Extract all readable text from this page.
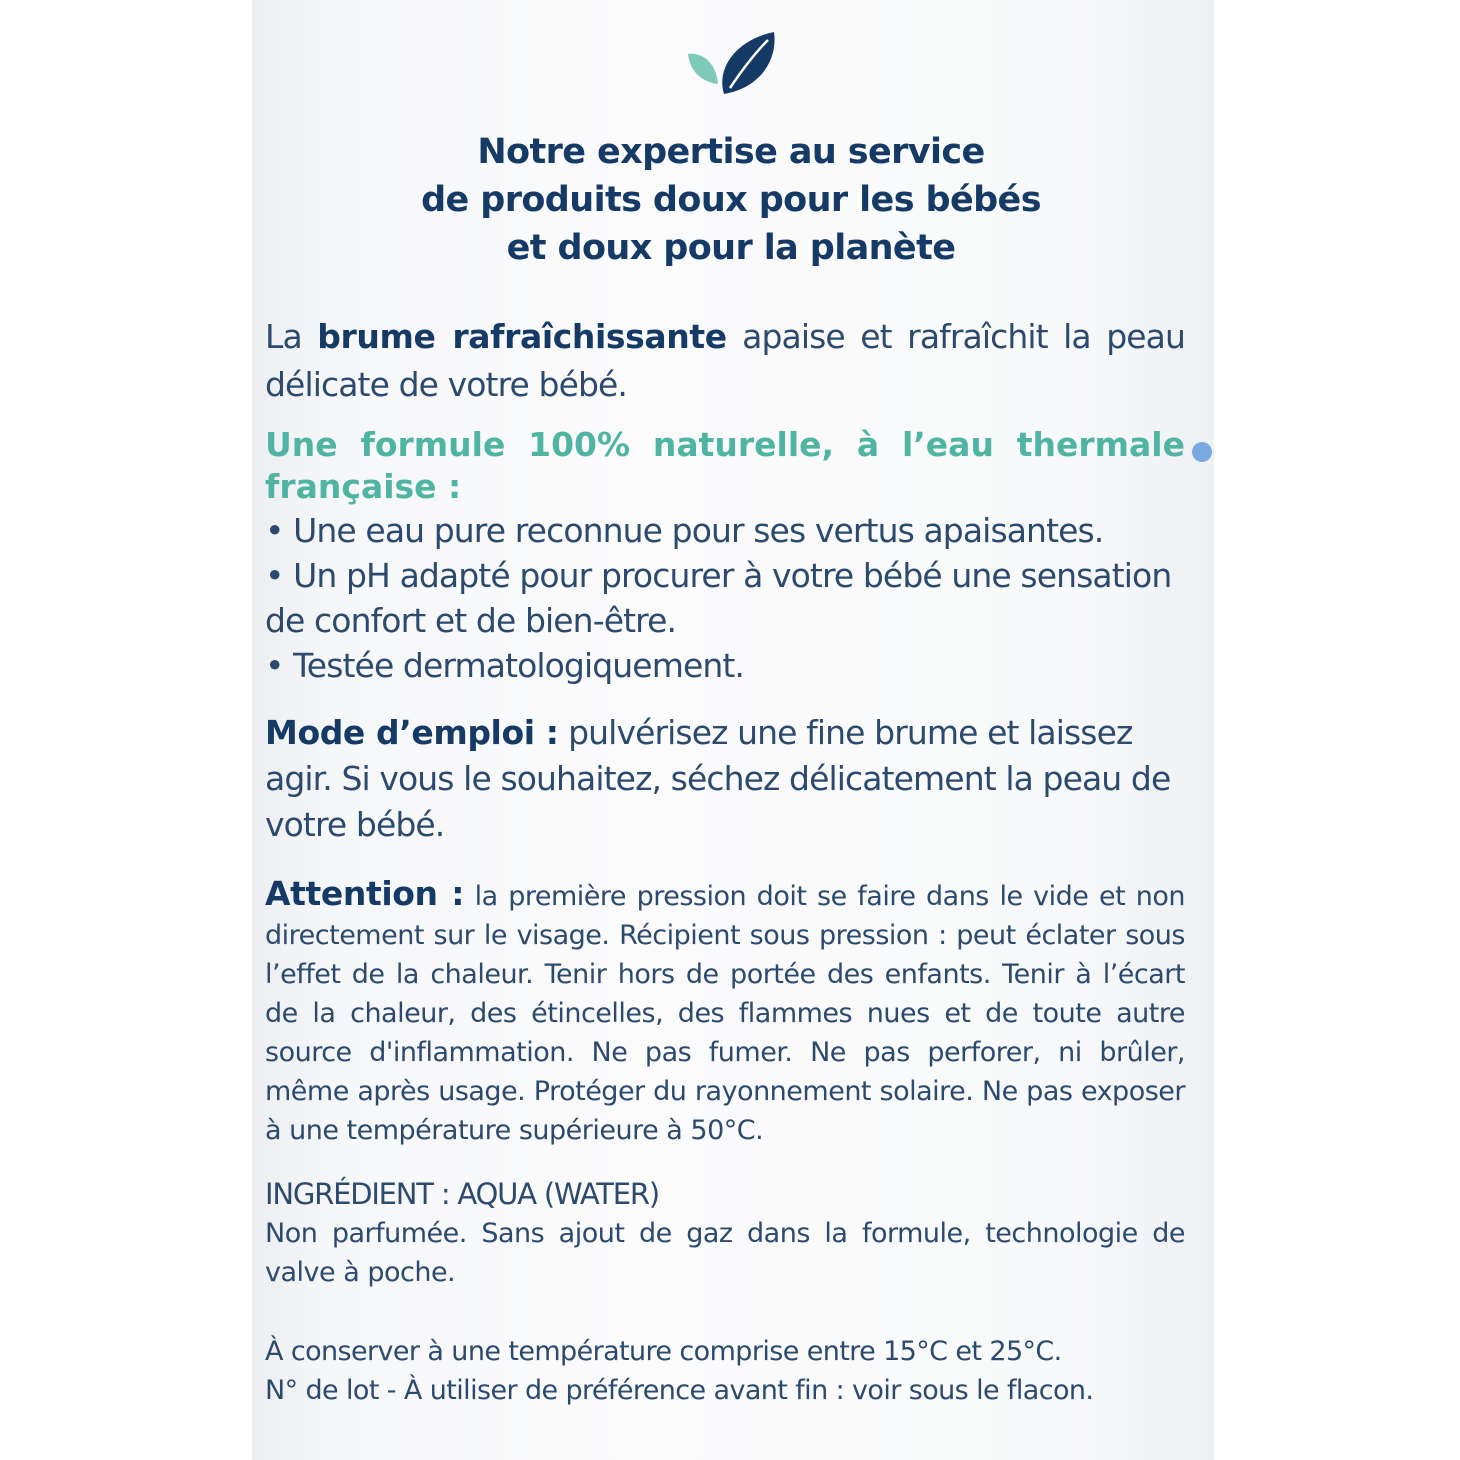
Notre expertise au service
de produits doux pour les bébés
et doux pour la planète
La brume rafraîchissante apaise et rafraîchit la peau délicate de votre bébé.
Une formule 100% naturelle, à l’eau thermale française :

• Une eau pure reconnue pour ses vertus apaisantes.

• Un pH adapté pour procurer à votre bébé une sensation de confort et de bien-être.

• Testée dermatologiquement.

Mode d’emploi : pulvérisez une fine brume et laissez agir. Si vous le souhaitez, séchez délicatement la peau de votre bébé.
Attention : la première pression doit se faire dans le vide et non directement sur le visage. Récipient sous pression : peut éclater sous l’effet de la chaleur. Tenir hors de portée des enfants. Tenir à l’écart de la chaleur, des étincelles, des flammes nues et de toute autre source d'inflammation. Ne pas fumer. Ne pas perforer, ni brûler, même après usage. Protéger du rayonnement solaire. Ne pas exposer à une température supérieure à 50°C.

INGRÉDIENT : AQUA (WATER)

Non parfumée. Sans ajout de gaz dans la formule, technologie de valve à poche.

À conserver à une température comprise entre 15°C et 25°C.

N° de lot - À utiliser de préférence avant fin : voir sous le flacon.
